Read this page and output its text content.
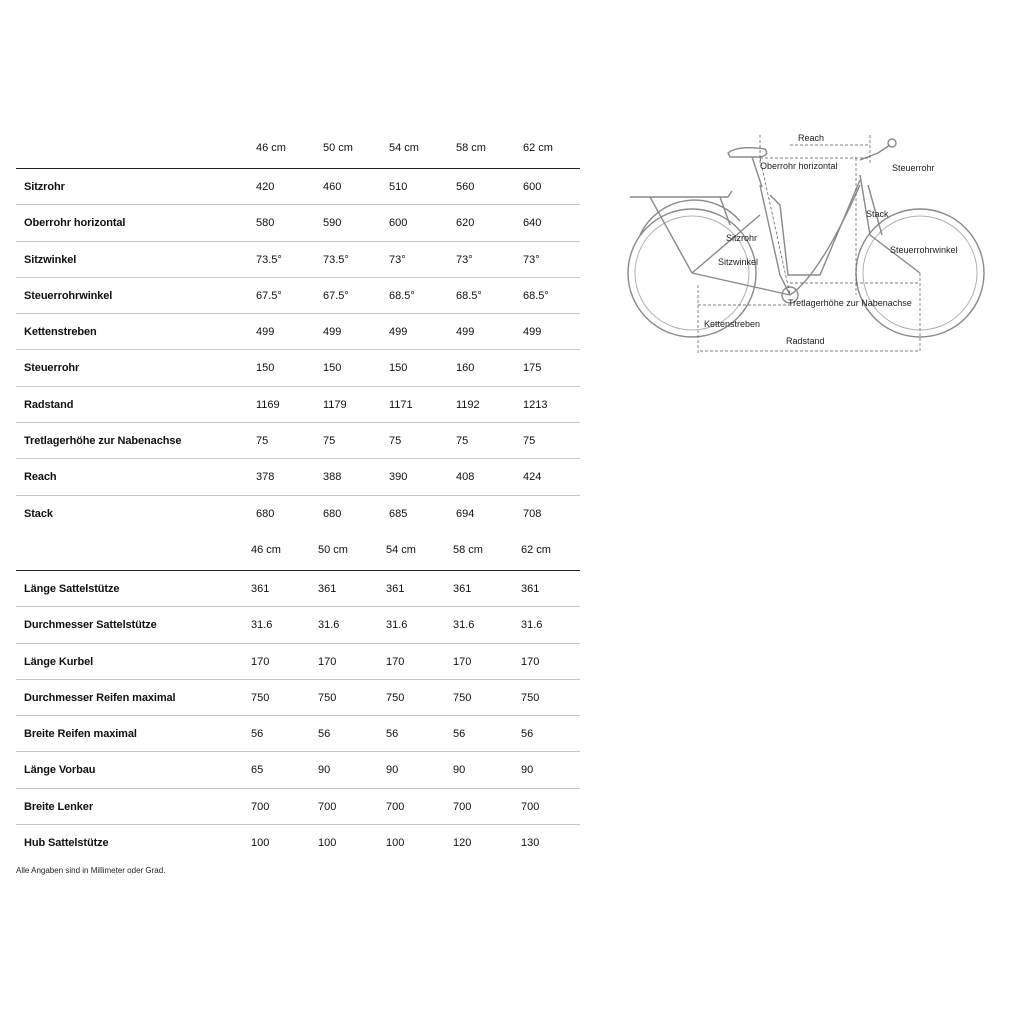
46 cm	50 cm	54 cm	58 cm	62 cm
Sitzrohr	420	460	510	560	600
Oberrohr horizontal	580	590	600	620	640
Sitzwinkel	73.5°	73.5°	73°	73°	73°
Steuerrohrwinkel	67.5°	67.5°	68.5°	68.5°	68.5°
Kettenstreben	499	499	499	499	499
Steuerrohr	150	150	150	160	175
Radstand	1169	1179	1171	1192	1213
Tretlagerhöhe zur Nabenachse	75	75	75	75	75
Reach	378	388	390	408	424
Stack	680	680	685	694	708
46 cm	50 cm	54 cm	58 cm	62 cm
Länge Sattelstütze	361	361	361	361	361
Durchmesser Sattelstütze	31.6	31.6	31.6	31.6	31.6
Länge Kurbel	170	170	170	170	170
Durchmesser Reifen maximal	750	750	750	750	750
Breite Reifen maximal	56	56	56	56	56
Länge Vorbau	65	90	90	90	90
Breite Lenker	700	700	700	700	700
Hub Sattelstütze	100	100	100	120	130
Alle Angaben sind in Millimeter oder Grad.
Reach
Oberrohr horizontal	Steuerrohr
Stack
Sitzrohr
Steuerrohrwinkel
Sitzwinkel
Tretlagerhöhe zur Nabenachse
Kettenstreben
Radstand
